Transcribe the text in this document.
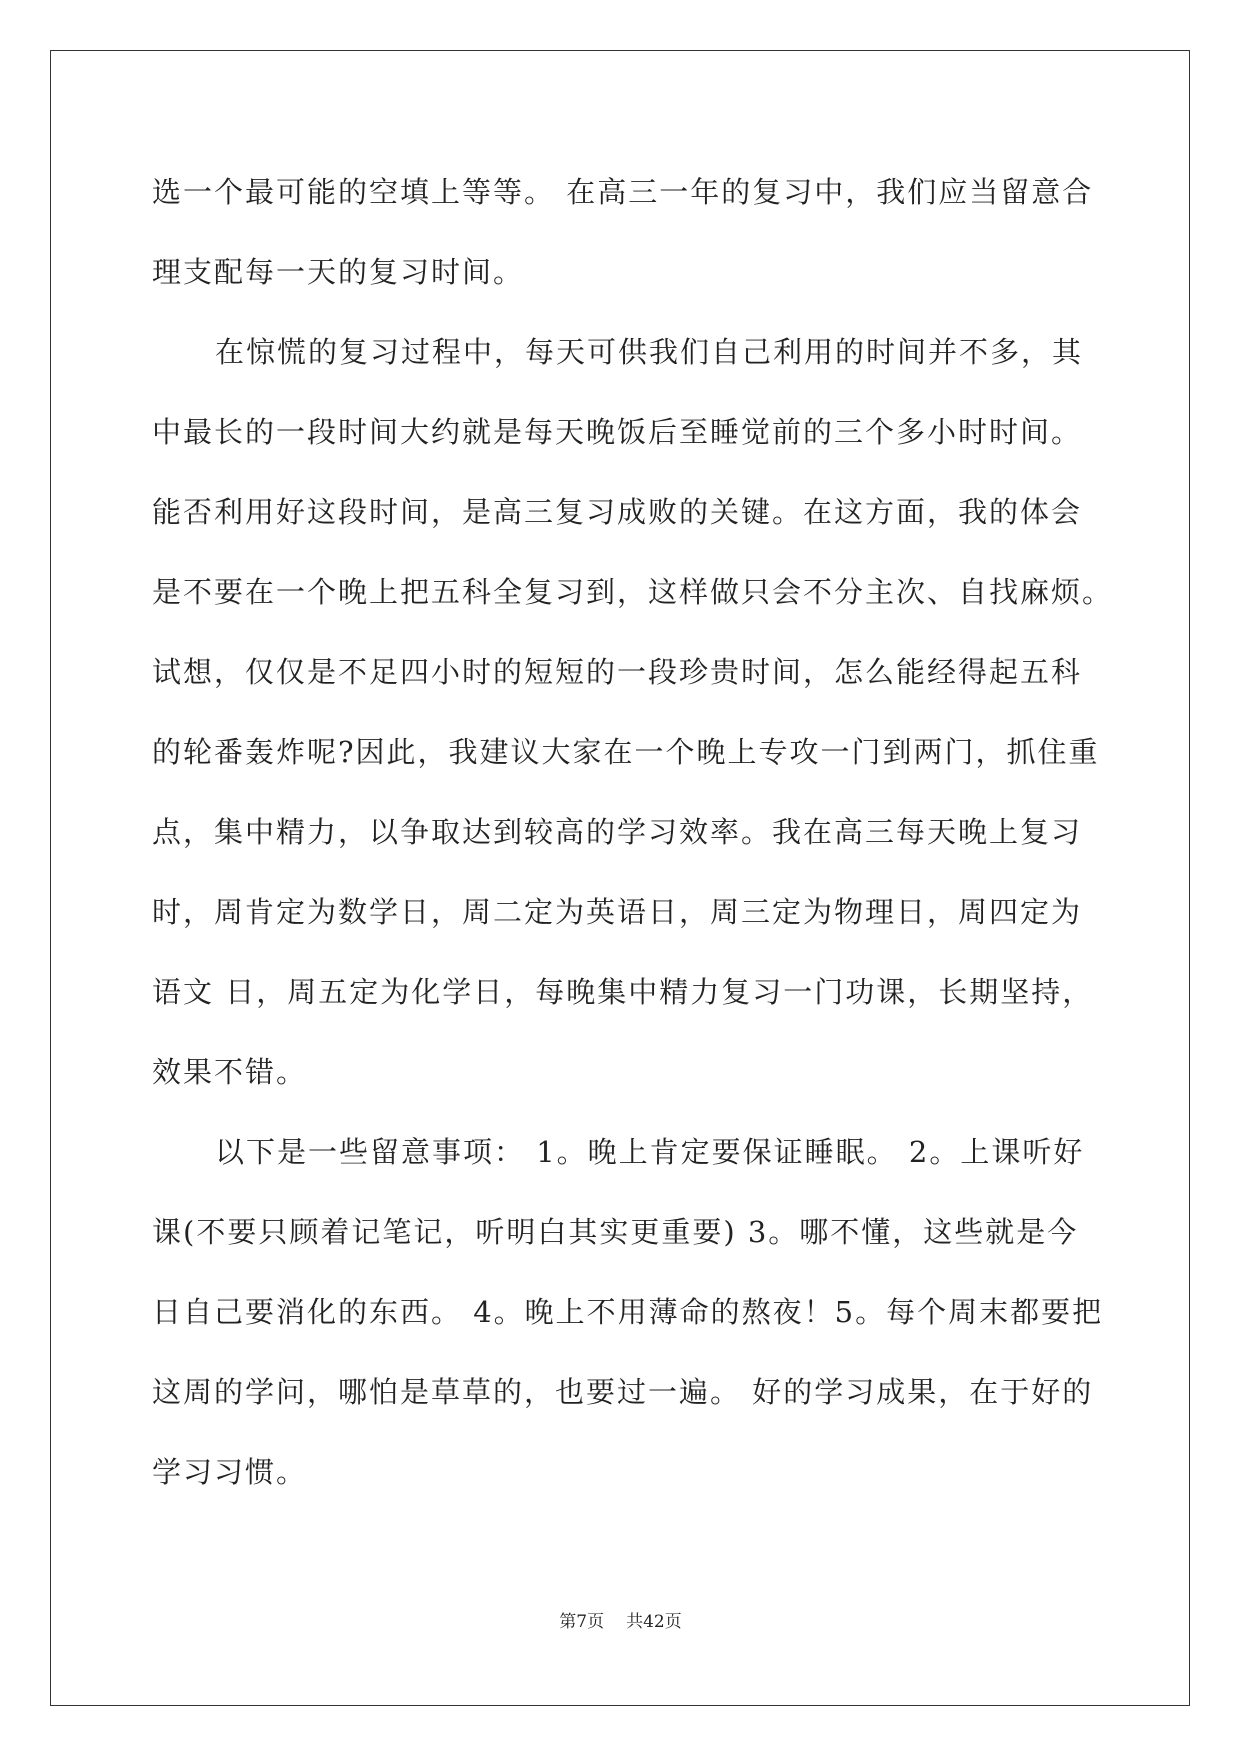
选一个最可能的空填上等等。 在高三一年的复习中，我们应当留意合
理支配每一天的复习时间。
在惊慌的复习过程中，每天可供我们自己利用的时间并不多，其
中最长的一段时间大约就是每天晚饭后至睡觉前的三个多小时时间。
能否利用好这段时间，是高三复习成败的关键。在这方面，我的体会
是不要在一个晚上把五科全复习到，这样做只会不分主次、自找麻烦。
试想，仅仅是不足四小时的短短的一段珍贵时间，怎么能经得起五科
的轮番轰炸呢?因此，我建议大家在一个晚上专攻一门到两门，抓住重
点，集中精力，以争取达到较高的学习效率。我在高三每天晚上复习
时，周肯定为数学日，周二定为英语日，周三定为物理日，周四定为
语文 日，周五定为化学日，每晚集中精力复习一门功课，长期坚持，
效果不错。
以下是一些留意事项： 1。晚上肯定要保证睡眠。 2。上课听好
课(不要只顾着记笔记，听明白其实更重要) 3。哪不懂，这些就是今
日自己要消化的东西。 4。晚上不用薄命的熬夜！5。每个周末都要把
这周的学问，哪怕是草草的，也要过一遍。 好的学习成果，在于好的
学习习惯。
第7页 共42页
